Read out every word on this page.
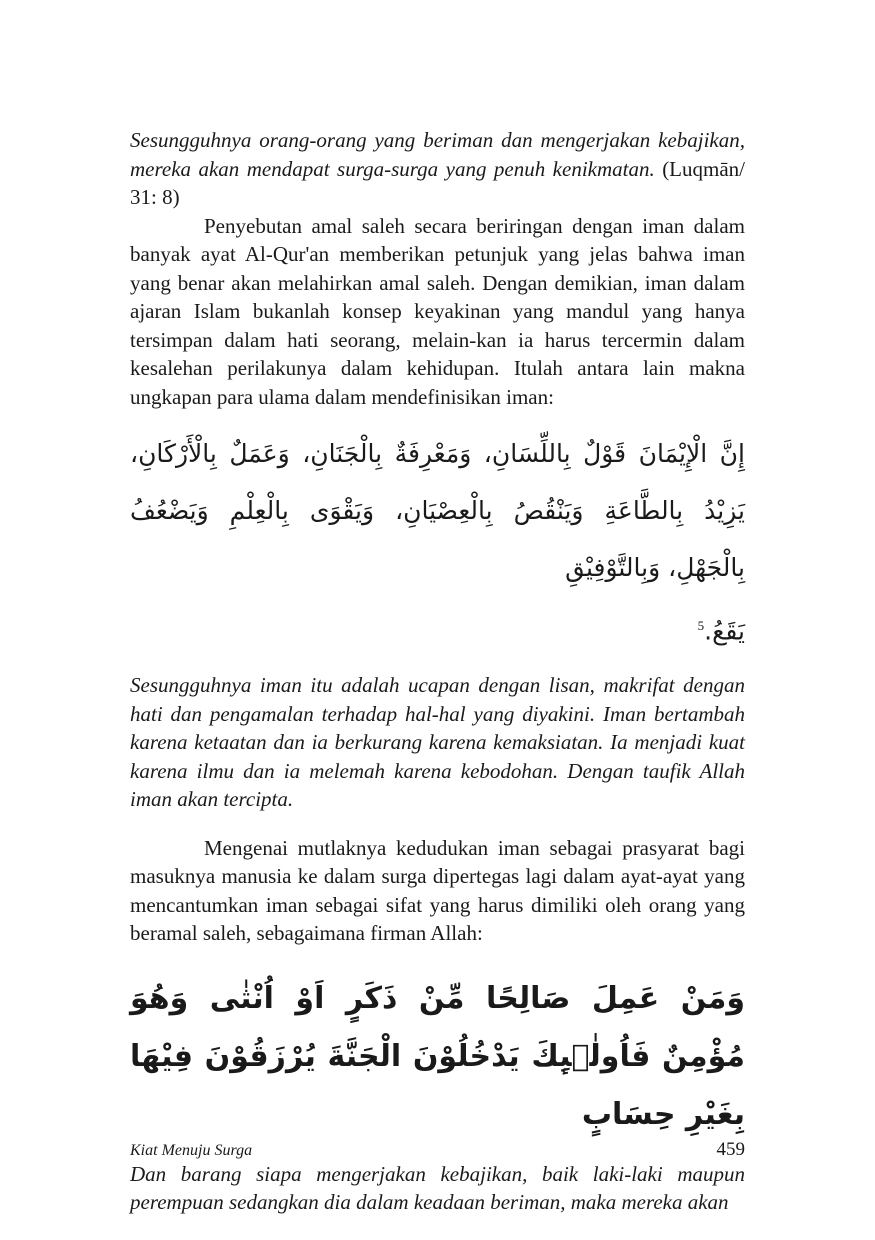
Sesungguhnya orang-orang yang beriman dan mengerjakan kebajikan, mereka akan mendapat surga-surga yang penuh kenikmatan. (Luqmān/ 31: 8)

Penyebutan amal saleh secara beriringan dengan iman dalam banyak ayat Al-Qur'an memberikan petunjuk yang jelas bahwa iman yang benar akan melahirkan amal saleh. Dengan demikian, iman dalam ajaran Islam bukanlah konsep keyakinan yang mandul yang hanya tersimpan dalam hati seorang, melain-kan ia harus tercermin dalam kesalehan perilakunya dalam kehidupan. Itulah antara lain makna ungkapan para ulama dalam mendefinisikan iman:

إِنَّ الْإِيْمَانَ قَوْلٌ بِاللِّسَانِ، وَمَعْرِفَةٌ بِالْجَنَانِ، وَعَمَلٌ بِالْأَرْكَانِ، يَزِيْدُ بِالطَّاعَةِ وَيَنْقُصُ بِالْعِصْيَانِ، وَيَقْوَى بِالْعِلْمِ وَيَضْعُفُ بِالْجَهْلِ، وَبِالتَّوْفِيْقِ
يَقَعُ.$^5$

Sesungguhnya iman itu adalah ucapan dengan lisan, makrifat dengan hati dan pengamalan terhadap hal-hal yang diyakini. Iman bertambah karena ketaatan dan ia berkurang karena kemaksiatan. Ia menjadi kuat karena ilmu dan ia melemah karena kebodohan. Dengan taufik Allah iman akan tercipta.

Mengenai mutlaknya kedudukan iman sebagai prasyarat bagi masuknya manusia ke dalam surga dipertegas lagi dalam ayat-ayat yang mencantumkan iman sebagai sifat yang harus dimiliki oleh orang yang beramal saleh, sebagaimana firman Allah:

وَمَنْ عَمِلَ صَالِحًا مِّنْ ذَكَرٍ اَوْ اُنْثٰى وَهُوَ مُؤْمِنٌ فَاُولٰۤىِٕكَ يَدْخُلُوْنَ الْجَنَّةَ يُرْزَقُوْنَ فِيْهَا بِغَيْرِ حِسَابٍ

Dan barang siapa mengerjakan kebajikan, baik laki-laki maupun perempuan sedangkan dia dalam keadaan beriman, maka mereka akan

Kiat Menuju Surga	459
